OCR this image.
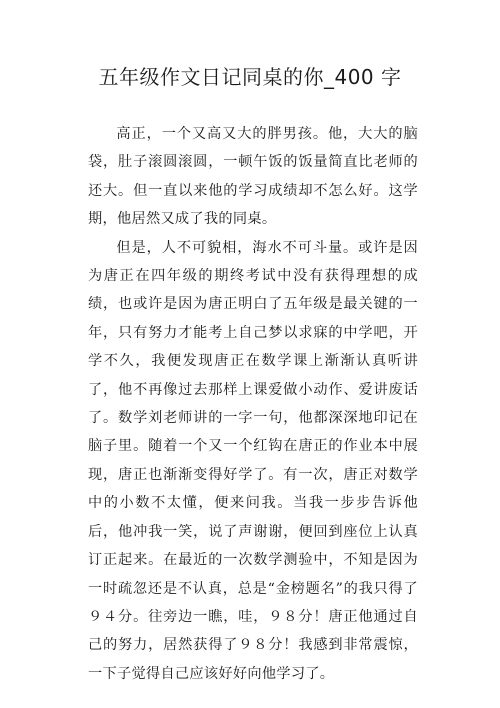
五年级作文日记同桌的你_400 字

高正，一个又高又大的胖男孩。他，大大的脑袋，肚子滚圆滚圆，一顿午饭的饭量简直比老师的还大。但一直以来他的学习成绩却不怎么好。这学期，他居然又成了我的同桌。

但是，人不可貌相，海水不可斗量。或许是因为唐正在四年级的期终考试中没有获得理想的成绩，也或许是因为唐正明白了五年级是最关键的一年，只有努力才能考上自己梦以求寐的中学吧，开学不久，我便发现唐正在数学课上渐渐认真听讲了，他不再像过去那样上课爱做小动作、爱讲废话了。数学刘老师讲的一字一句，他都深深地印记在脑子里。随着一个又一个红钩在唐正的作业本中展现，唐正也渐渐变得好学了。有一次，唐正对数学中的小数不太懂，便来问我。当我一步步告诉他后，他冲我一笑，说了声谢谢，便回到座位上认真订正起来。在最近的一次数学测验中，不知是因为一时疏忽还是不认真，总是“金榜题名”的我只得了９４分。往旁边一瞧，哇，９８分！唐正他通过自己的努力，居然获得了９８分！我感到非常震惊，一下子觉得自己应该好好向他学习了。
